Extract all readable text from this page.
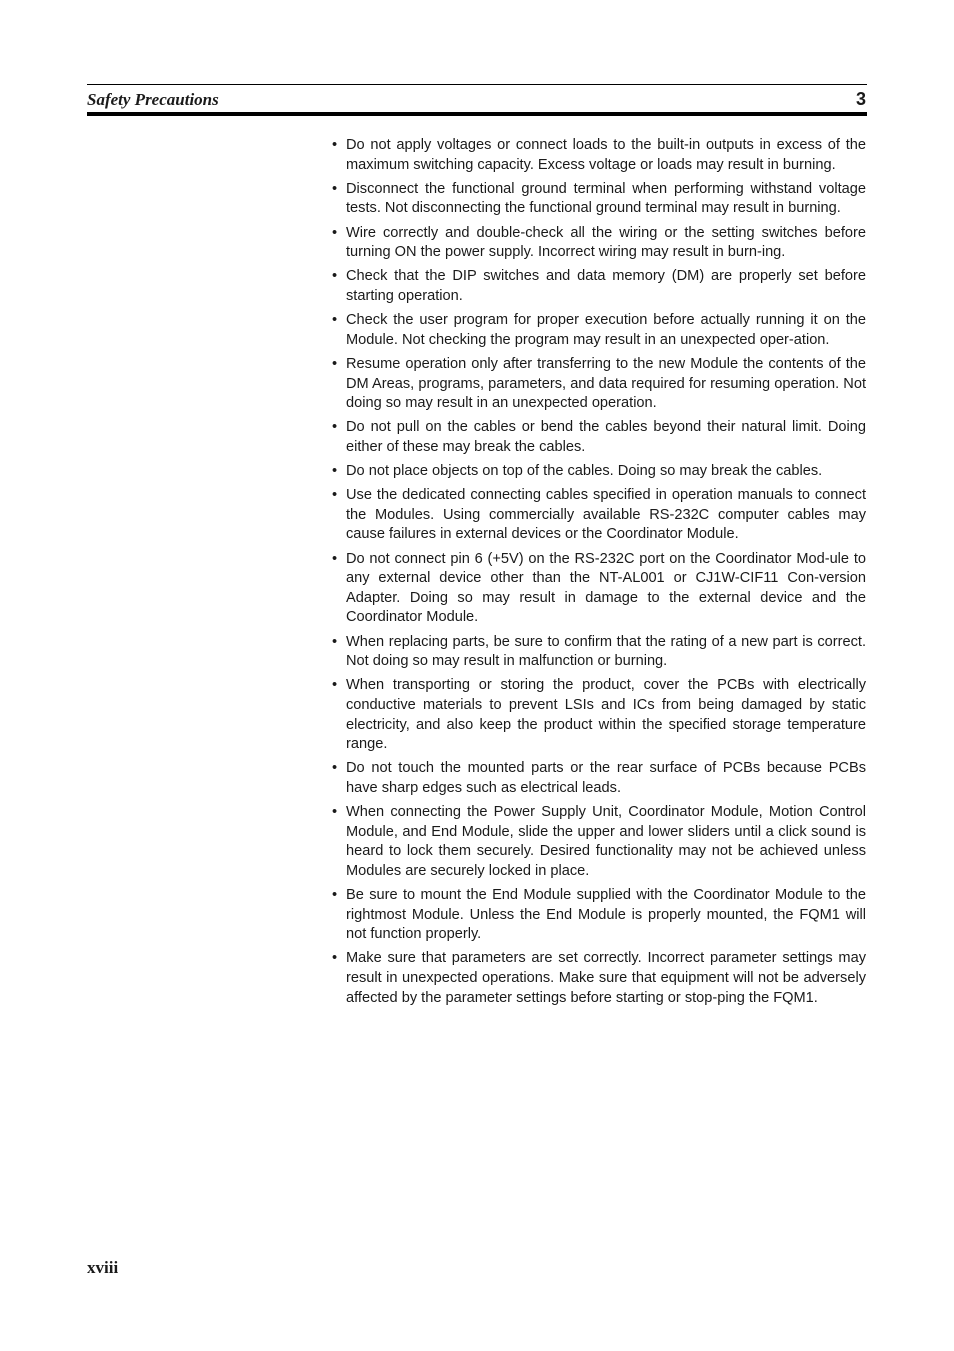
Safety Precautions	3
• Do not apply voltages or connect loads to the built-in outputs in excess of the maximum switching capacity. Excess voltage or loads may result in burning.
• Disconnect the functional ground terminal when performing withstand voltage tests. Not disconnecting the functional ground terminal may result in burning.
• Wire correctly and double-check all the wiring or the setting switches before turning ON the power supply. Incorrect wiring may result in burn-ing.
• Check that the DIP switches and data memory (DM) are properly set before starting operation.
• Check the user program for proper execution before actually running it on the Module. Not checking the program may result in an unexpected oper-ation.
• Resume operation only after transferring to the new Module the contents of the DM Areas, programs, parameters, and data required for resuming operation. Not doing so may result in an unexpected operation.
• Do not pull on the cables or bend the cables beyond their natural limit. Doing either of these may break the cables.
• Do not place objects on top of the cables. Doing so may break the cables.
• Use the dedicated connecting cables specified in operation manuals to connect the Modules. Using commercially available RS-232C computer cables may cause failures in external devices or the Coordinator Module.
• Do not connect pin 6 (+5V) on the RS-232C port on the Coordinator Mod-ule to any external device other than the NT-AL001 or CJ1W-CIF11 Con-version Adapter. Doing so may result in damage to the external device and the Coordinator Module.
• When replacing parts, be sure to confirm that the rating of a new part is correct. Not doing so may result in malfunction or burning.
• When transporting or storing the product, cover the PCBs with electrically conductive materials to prevent LSIs and ICs from being damaged by static electricity, and also keep the product within the specified storage temperature range.
• Do not touch the mounted parts or the rear surface of PCBs because PCBs have sharp edges such as electrical leads.
• When connecting the Power Supply Unit, Coordinator Module, Motion Control Module, and End Module, slide the upper and lower sliders until a click sound is heard to lock them securely. Desired functionality may not be achieved unless Modules are securely locked in place.
• Be sure to mount the End Module supplied with the Coordinator Module to the rightmost Module. Unless the End Module is properly mounted, the FQM1 will not function properly.
• Make sure that parameters are set correctly. Incorrect parameter settings may result in unexpected operations. Make sure that equipment will not be adversely affected by the parameter settings before starting or stop-ping the FQM1.
xviii
